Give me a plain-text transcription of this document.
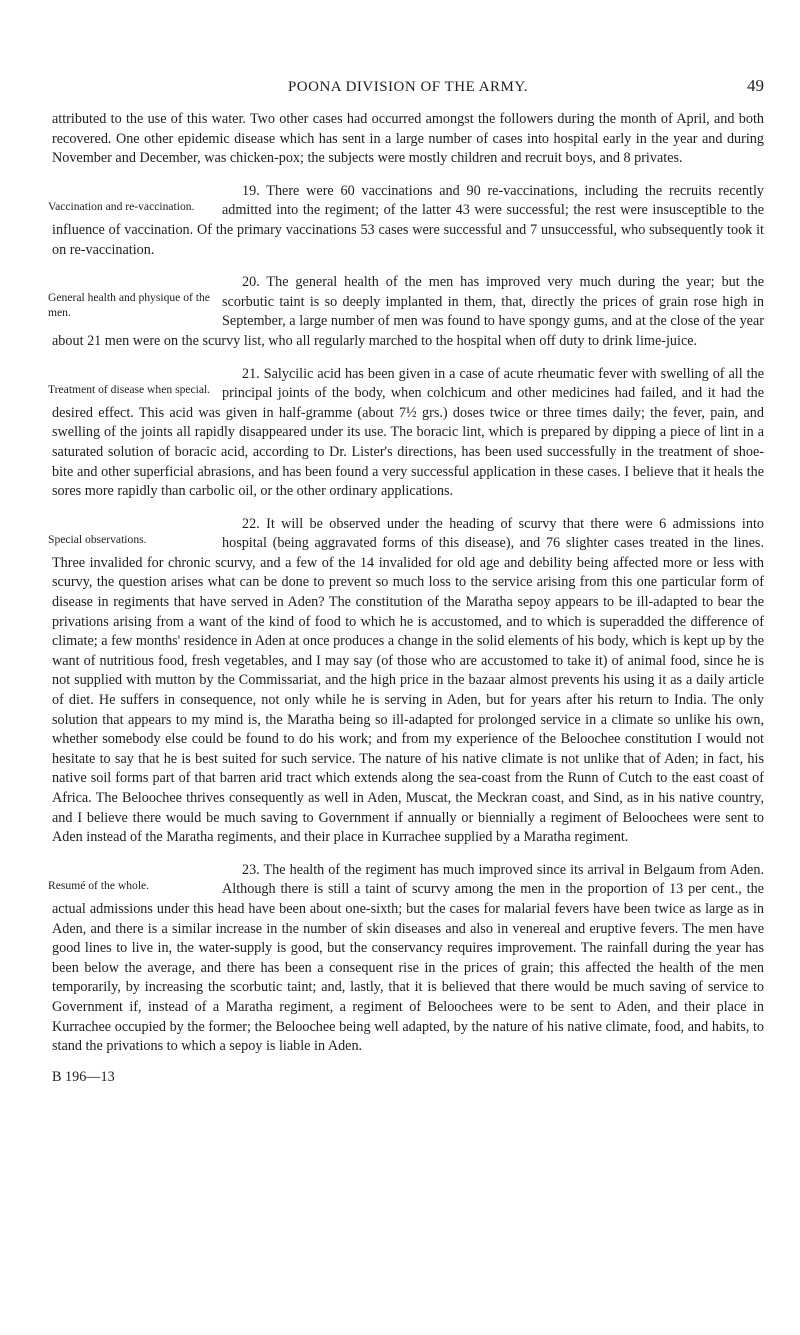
POONA DIVISION OF THE ARMY.	49

attributed to the use of this water. Two other cases had occurred amongst the followers during the month of April, and both recovered. One other epidemic disease which has sent in a large number of cases into hospital early in the year and during November and December, was chicken-pox; the subjects were mostly children and recruit boys, and 8 privates.

Vaccination and re-vaccination.

19. There were 60 vaccinations and 90 re-vaccinations, including the recruits recently admitted into the regiment; of the latter 43 were successful; the rest were insusceptible to the influence of vaccination. Of the primary vaccinations 53 cases were successful and 7 unsuccessful, who subsequently took it on re-vaccination.

General health and physique of the men.

20. The general health of the men has improved very much during the year; but the scorbutic taint is so deeply implanted in them, that, directly the prices of grain rose high in September, a large number of men was found to have spongy gums, and at the close of the year about 21 men were on the scurvy list, who all regularly marched to the hospital when off duty to drink lime-juice.

Treatment of disease when special.

21. Salycilic acid has been given in a case of acute rheumatic fever with swelling of all the principal joints of the body, when colchicum and other medicines had failed, and it had the desired effect. This acid was given in half-gramme (about 7½ grs.) doses twice or three times daily; the fever, pain, and swelling of the joints all rapidly disappeared under its use. The boracic lint, which is prepared by dipping a piece of lint in a saturated solution of boracic acid, according to Dr. Lister's directions, has been used successfully in the treatment of shoe-bite and other superficial abrasions, and has been found a very successful application in these cases. I believe that it heals the sores more rapidly than carbolic oil, or the other ordinary applications.

Special observations.

22. It will be observed under the heading of scurvy that there were 6 admissions into hospital (being aggravated forms of this disease), and 76 slighter cases treated in the lines. Three invalided for chronic scurvy, and a few of the 14 invalided for old age and debility being affected more or less with scurvy, the question arises what can be done to prevent so much loss to the service arising from this one particular form of disease in regiments that have served in Aden? The constitution of the Maratha sepoy appears to be ill-adapted to bear the privations arising from a want of the kind of food to which he is accustomed, and to which is superadded the difference of climate; a few months' residence in Aden at once produces a change in the solid elements of his body, which is kept up by the want of nutritious food, fresh vegetables, and I may say (of those who are accustomed to take it) of animal food, since he is not supplied with mutton by the Commissariat, and the high price in the bazaar almost prevents his using it as a daily article of diet. He suffers in consequence, not only while he is serving in Aden, but for years after his return to India. The only solution that appears to my mind is, the Maratha being so ill-adapted for prolonged service in a climate so unlike his own, whether somebody else could be found to do his work; and from my experience of the Beloochee constitution I would not hesitate to say that he is best suited for such service. The nature of his native climate is not unlike that of Aden; in fact, his native soil forms part of that barren arid tract which extends along the sea-coast from the Runn of Cutch to the east coast of Africa. The Beloochee thrives consequently as well in Aden, Muscat, the Meckran coast, and Sind, as in his native country, and I believe there would be much saving to Government if annually or biennially a regiment of Beloochees were sent to Aden instead of the Maratha regiments, and their place in Kurrachee supplied by a Maratha regiment.

Resumé of the whole.

23. The health of the regiment has much improved since its arrival in Belgaum from Aden. Although there is still a taint of scurvy among the men in the proportion of 13 per cent., the actual admissions under this head have been about one-sixth; but the cases for malarial fevers have been twice as large as in Aden, and there is a similar increase in the number of skin diseases and also in venereal and eruptive fevers. The men have good lines to live in, the water-supply is good, but the conservancy requires improvement. The rainfall during the year has been below the average, and there has been a consequent rise in the prices of grain; this affected the health of the men temporarily, by increasing the scorbutic taint; and, lastly, that it is believed that there would be much saving of service to Government if, instead of a Maratha regiment, a regiment of Beloochees were to be sent to Aden, and their place in Kurrachee occupied by the former; the Beloochee being well adapted, by the nature of his native climate, food, and habits, to stand the privations to which a sepoy is liable in Aden.

B 196—13
